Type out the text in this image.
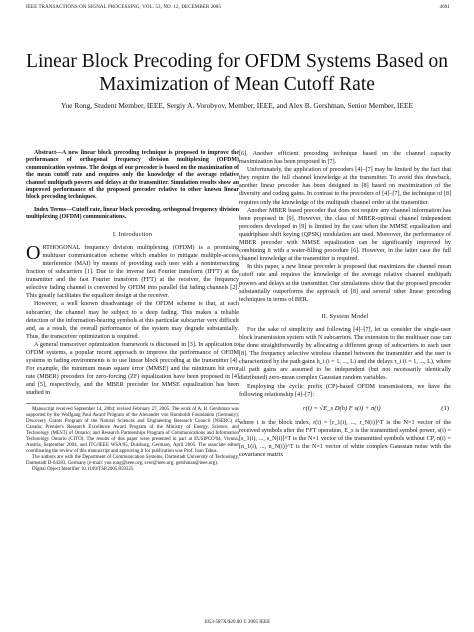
IEEE TRANSACTIONS ON SIGNAL PROCESSING, VOL. 53, NO. 12, DECEMBER 2005	4691
Linear Block Precoding for OFDM Systems Based on Maximization of Mean Cutoff Rate
Yue Rong, Student Member, IEEE, Sergiy A. Vorobyov, Member, IEEE, and Alex B. Gershman, Senior Member, IEEE

Abstract—A new linear block precoding technique is proposed to improve the performance of orthogonal frequency division multiplexing (OFDM) communication systems. The design of our precoder is based on the maximization of the mean cutoff rate and requires only the knowledge of the average relative channel multipath powers and delays at the transmitter. Simulation results show an improved performance of the proposed precoder relative to other known linear block precoding techniques.

Index Terms—Cutoff rate, linear block precoding, orthogonal frequency division multiplexing (OFDM) communications.

I. Introduction

ORTHOGONAL frequency division multiplexing (OFDM) is a promising multiuser communication scheme which enables to mitigate multiple-access interference (MAI) by means of providing each user with a nonintersecting fraction of subcarriers [1]. Due to the inverse fast Fourier transform (IFFT) at the transmitter and the fast Fourier transform (FFT) at the receiver, the frequency selective fading channel is converted by OFDM into parallel flat fading channels [2]. This greatly facilitates the equalizer design at the receiver.

However, a well known disadvantage of the OFDM scheme is that, at each subcarrier, the channel may be subject to a deep fading. This makes a reliable detection of the information-bearing symbols at this particular subcarrier very difficult and, as a result, the overall performance of the system may degrade substantially. Thus, the transceiver optimization is required.

A general transceiver optimization framework is discussed in [3]. In application to OFDM systems, a popular recent approach to improve the performance of OFDM systems in fading environments is to use linear block precoding at the transmitter [4]. For example, the minimum mean square error (MMSE) and the minimum bit error rate (MBER) precoders for zero-forcing (ZF) equalization have been proposed in [4] and [5], respectively, and the MBER precoder for MMSE equalization has been studied in

Manuscript received September 14, 2004; revised February 27, 2005. The work of A. B. Gershman was supported by the Wolfgang Paul Award Program of the Alexander von Humboldt Foundation (Germany); Discovery Grants Program of the Natural Sciences and Engineering Research Council (NSERC) of Canada; Premier's Research Excellence Award Program of the Ministry of Energy, Science, and Technology (MEST) of Ontario; and Research Partnerships Program of Communications and Information Technology Ontario (CITO). The results of this paper were presented in part at EUSIPCO'04, Vienna, Austria, September 2004, and ITG/IEEE WSA'05, Duisburg, Germany, April 2005. The associate editor coordinating the review of this manuscript and approving it for publication was Prof. Ioan Tabus.

The authors are with the Department of Communication Systems, Darmstadt University of Technology, Darmstadt D-64283, Germany (e-mail: yue.rong@ieee.org; svor@ieee.org; gershman@ieee.org).

Digital Object Identifier 10.1109/TSP.2005.859325

[6]. Another efficient precoding technique based on the channel capacity maximization has been proposed in [7].

Unfortunately, the application of precoders [4]–[7] may be limited by the fact that they require the full channel knowledge at the transmitter. To avoid this drawback, another linear precoder has been designed in [8] based on maximization of the diversity and coding gains. In contrast to the precoders of [4]–[7], the technique of [8] requires only the knowledge of the multipath channel order at the transmitter.

Another MBER based precoder that does not require any channel information has been proposed in [9]. However, the class of MBER-optimal channel independent precoders developed in [9] is limited by the case when the MMSE equalization and quadriphase shift keying (QPSK) modulation are used. Moreover, the performance of MBER precoder with MMSE equalization can be significantly improved by combining it with a water-filling procedure [6]. However, in the latter case the full channel knowledge at the transmitter is required.

In this paper, a new linear precoder is proposed that maximizes the channel mean cutoff rate and requires the knowledge of the average relative channel multipath powers and delays at the transmitter. Our simulations show that the proposed precoder substantially outperforms the approach of [8] and several other linear precoding techniques in terms of BER.

II. System Model

For the sake of simplicity and following [4]–[7], let us consider the single-user block transmission system with N subcarriers. The extension to the multiuser case can be done straightforwardly by allocating a different group of subcarriers to each user [8]. The frequency selective wireless channel between the transmitter and the user is characterized by the path gains h_i (i = 1, ..., L) and the delays τ_i (i = 1, ..., L), where all path gains are assumed to be independent (but not necessarily identically distributed) zero-mean complex Gaussian random variables.

Employing the cyclic prefix (CP)-based OFDM transmissions, we have the following relationship [4]–[7]:

r(i) = √E_s D(h) F s(i) + n(i)	(1)

where i is the block index, r(i) = [r_1(i), ..., r_N(i)]^T is the N×1 vector of the received symbols after the FFT operation, E_s is the transmitted symbol power, s(i) = [s_1(i), ..., s_N(i)]^T is the N×1 vector of the transmitted symbols without CP, n(i) = [n_1(i), ..., n_N(i)]^T is the N×1 vector of white complex Gaussian noise with the covariance matrix

1053-587X/$20.00 © 2005 IEEE
